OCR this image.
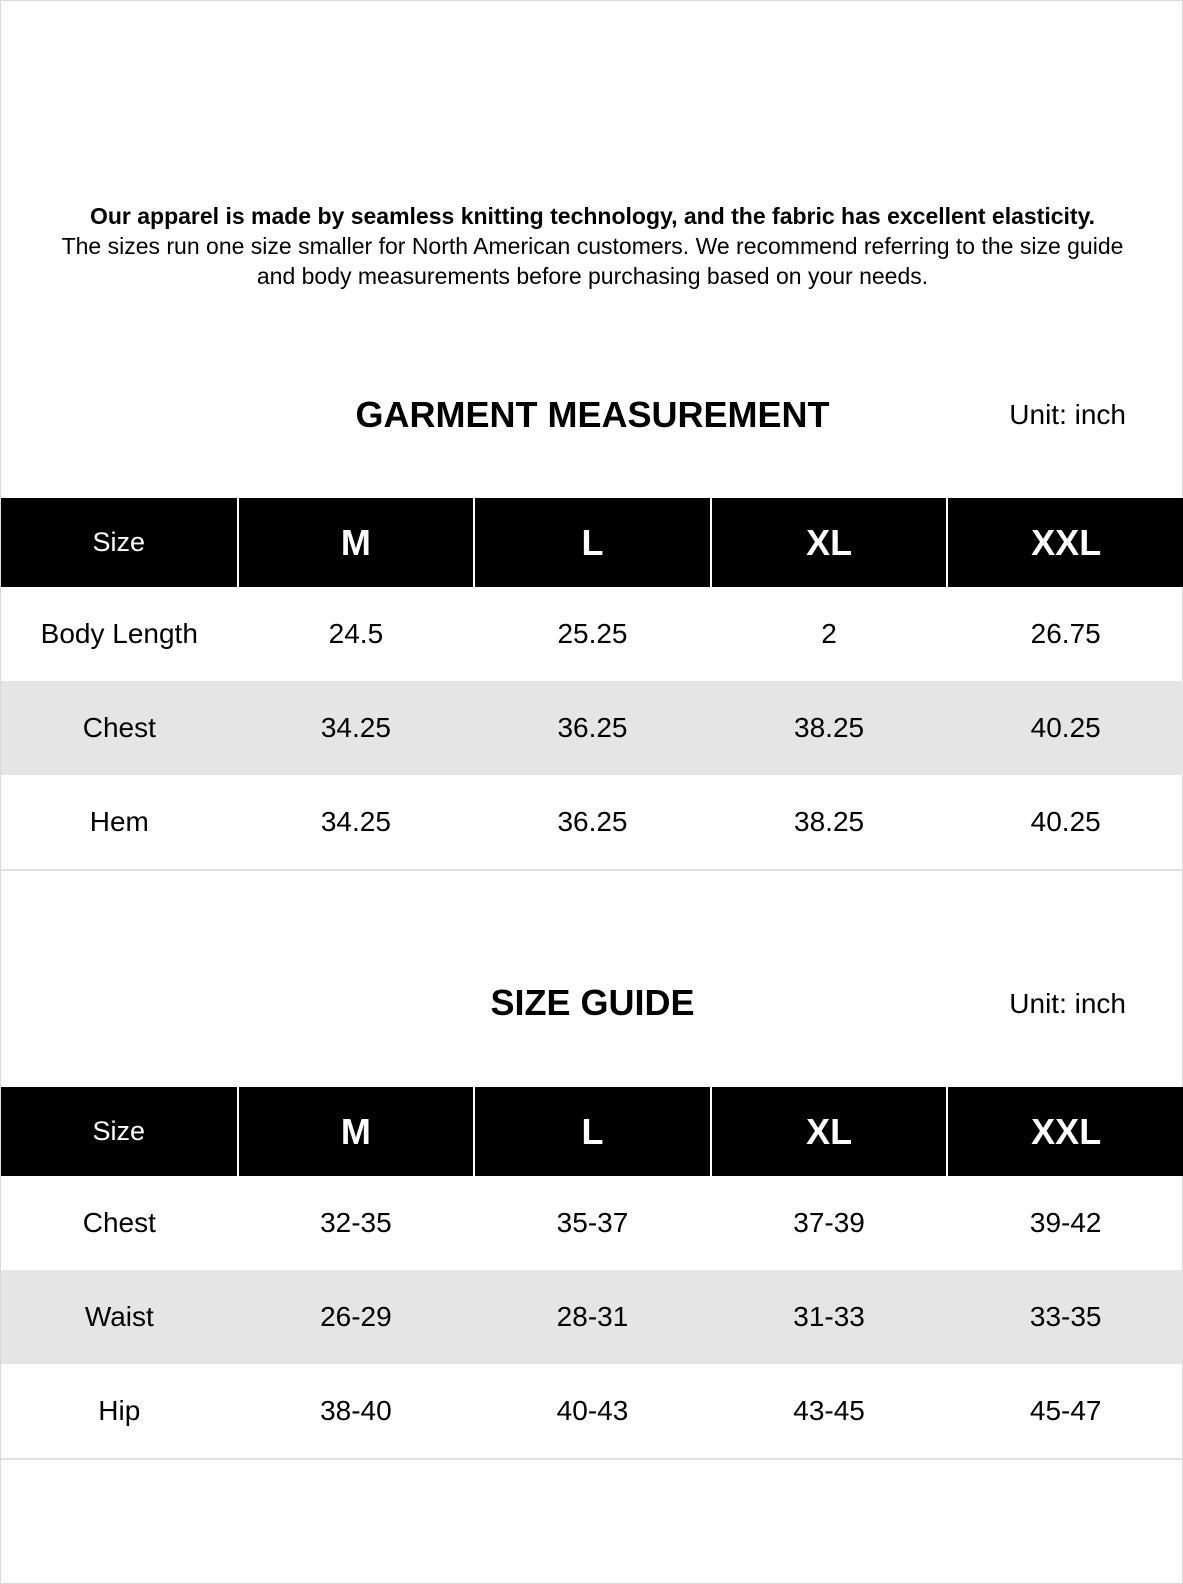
Our apparel is made by seamless knitting technology, and the fabric has excellent elasticity.
The sizes run one size smaller for North American customers. We recommend referring to the size guide and body measurements before purchasing based on your needs.
GARMENT MEASUREMENT	Unit: inch
Size	M	L	XL	XXL
Body Length	24.5	25.25	2	26.75
Chest	34.25	36.25	38.25	40.25
Hem	34.25	36.25	38.25	40.25
SIZE GUIDE	Unit: inch
Size	M	L	XL	XXL
Chest	32-35	35-37	37-39	39-42
Waist	26-29	28-31	31-33	33-35
Hip	38-40	40-43	43-45	45-47
